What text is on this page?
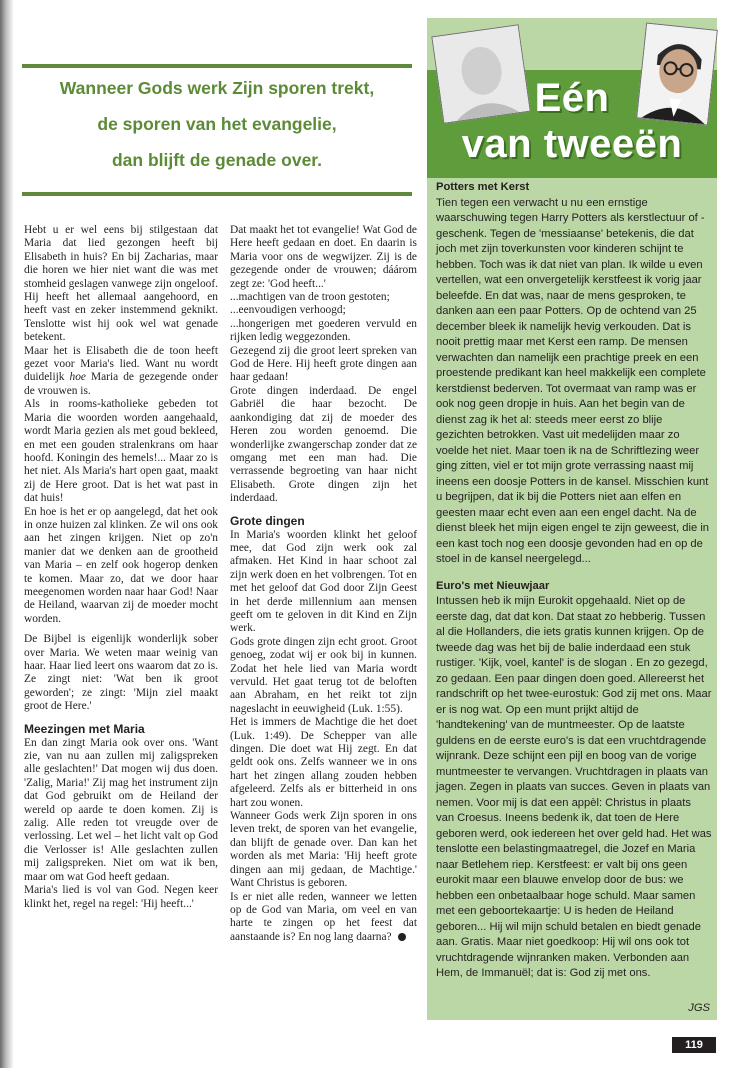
Wanneer Gods werk Zijn sporen trekt,
de sporen van het evangelie,
dan blijft de genade over.

Hebt u er wel eens bij stilgestaan dat Maria dat lied gezongen heeft bij Elisabeth in huis? En bij Zacharias, maar die horen we hier niet want die was met stomheid geslagen vanwege zijn ongeloof. Hij heeft het allemaal aangehoord, en heeft vast en zeker instemmend geknikt. Tenslotte wist hij ook wel wat genade betekent.

Maar het is Elisabeth die de toon heeft gezet voor Maria's lied. Want nu wordt duidelijk hoe Maria de gezegende onder de vrouwen is.

Als in rooms-katholieke gebeden tot Maria die woorden worden aangehaald, wordt Maria gezien als met goud bekleed, en met een gouden stralenkrans om haar hoofd. Koningin des hemels!... Maar zo is het niet. Als Maria's hart open gaat, maakt zij de Here groot. Dat is het wat past in dat huis!

En hoe is het er op aangelegd, dat het ook in onze huizen zal klinken. Ze wil ons ook aan het zingen krijgen. Niet op zo'n manier dat we denken aan de grootheid van Maria – en zelf ook hogerop denken te komen. Maar zo, dat we door haar meegenomen worden naar haar God! Naar de Heiland, waarvan zij de moeder mocht worden.

De Bijbel is eigenlijk wonderlijk sober over Maria. We weten maar weinig van haar. Haar lied leert ons waarom dat zo is. Ze zingt niet: 'Wat ben ik groot geworden'; ze zingt: 'Mijn ziel maakt groot de Here.'

Meezingen met Maria

En dan zingt Maria ook over ons. 'Want zie, van nu aan zullen mij zaligspreken alle geslachten!' Dat mogen wij dus doen. 'Zalig, Maria!' Zij mag het instrument zijn dat God gebruikt om de Heiland der wereld op aarde te doen komen. Zij is zalig. Alle reden tot vreugde over de verlossing. Let wel – het licht valt op God die Verlosser is! Alle geslachten zullen mij zaligspreken. Niet om wat ik ben, maar om wat God heeft gedaan.

Maria's lied is vol van God. Negen keer klinkt het, regel na regel: 'Hij heeft...'

Dat maakt het tot evangelie! Wat God de Here heeft gedaan en doet. En daarin is Maria voor ons de wegwijzer. Zij is de gezegende onder de vrouwen; dáárom zegt ze: 'God heeft...'

...machtigen van de troon gestoten;
...eenvoudigen verhoogd;
...hongerigen met goederen vervuld en rijken ledig weggezonden.

Gezegend zij die groot leert spreken van God de Here. Hij heeft grote dingen aan haar gedaan!

Grote dingen inderdaad. De engel Gabriël die haar bezocht. De aankondiging dat zij de moeder des Heren zou worden genoemd. Die wonderlijke zwangerschap zonder dat ze omgang met een man had. Die verrassende begroeting van haar nicht Elisabeth. Grote dingen zijn het inderdaad.

Grote dingen

In Maria's woorden klinkt het geloof mee, dat God zijn werk ook zal afmaken. Het Kind in haar schoot zal zijn werk doen en het volbrengen. Tot en met het geloof dat God door Zijn Geest in het derde millennium aan mensen geeft om te geloven in dit Kind en Zijn werk.

Gods grote dingen zijn echt groot. Groot genoeg, zodat wij er ook bij in kunnen. Zodat het hele lied van Maria wordt vervuld. Het gaat terug tot de beloften aan Abraham, en het reikt tot zijn nageslacht in eeuwigheid (Luk. 1:55).

Het is immers de Machtige die het doet (Luk. 1:49). De Schepper van alle dingen. Die doet wat Hij zegt. En dat geldt ook ons. Zelfs wanneer we in ons hart het zingen allang zouden hebben afgeleerd. Zelfs als er bitterheid in ons hart zou wonen.

Wanneer Gods werk Zijn sporen in ons leven trekt, de sporen van het evangelie, dan blijft de genade over. Dan kan het worden als met Maria: 'Hij heeft grote dingen aan mij gedaan, de Machtige.' Want Christus is geboren.

Is er niet alle reden, wanneer we letten op de God van Maria, om veel en van harte te zingen op het feest dat aanstaande is? En nog lang daarna?

Eén
van tweeën
Potters met Kerst

Tien tegen een verwacht u nu een ernstige waarschuwing tegen Harry Potters als kerstlectuur of -geschenk. Tegen de 'messiaanse' betekenis, die dat joch met zijn toverkunsten voor kinderen schijnt te hebben. Toch was ik dat niet van plan. Ik wilde u even vertellen, wat een onvergetelijk kerstfeest ik vorig jaar beleefde. En dat was, naar de mens gesproken, te danken aan een paar Potters. Op de ochtend van 25 december bleek ik namelijk hevig verkouden. Dat is nooit prettig maar met Kerst een ramp. De mensen verwachten dan namelijk een prachtige preek en een proestende predikant kan heel makkelijk een complete kerstdienst bederven. Tot overmaat van ramp was er ook nog geen dropje in huis. Aan het begin van de dienst zag ik het al: steeds meer eerst zo blije gezichten betrokken. Vast uit medelijden maar zo voelde het niet. Maar toen ik na de Schriftlezing weer ging zitten, viel er tot mijn grote verrassing naast mij ineens een doosje Potters in de kansel. Misschien kunt u begrijpen, dat ik bij die Potters niet aan elfen en geesten maar echt even aan een engel dacht. Na de dienst bleek het mijn eigen engel te zijn geweest, die in een kast toch nog een doosje gevonden had en op de stoel in de kansel neergelegd...

Euro's met Nieuwjaar

Intussen heb ik mijn Eurokit opgehaald. Niet op de eerste dag, dat dat kon. Dat staat zo hebberig. Tussen al die Hollanders, die iets gratis kunnen krijgen. Op de tweede dag was het bij de balie inderdaad een stuk rustiger. 'Kijk, voel, kantel' is de slogan . En zo gezegd, zo gedaan. Een paar dingen doen goed. Allereerst het randschrift op het twee-eurostuk: God zij met ons. Maar er is nog wat. Op een munt prijkt altijd de 'handtekening' van de muntmeester. Op de laatste guldens en de eerste euro's is dat een vruchtdragende wijnrank. Deze schijnt een pijl en boog van de vorige muntmeester te vervangen. Vruchtdragen in plaats van jagen. Zegen in plaats van succes. Geven in plaats van nemen. Voor mij is dat een appèl: Christus in plaats van Croesus. Ineens bedenk ik, dat toen de Here geboren werd, ook iedereen het over geld had. Het was tenslotte een belastingmaatregel, die Jozef en Maria naar Betlehem riep. Kerstfeest: er valt bij ons geen eurokit maar een blauwe envelop door de bus: we hebben een onbetaalbaar hoge schuld. Maar samen met een geboortekaartje: U is heden de Heiland geboren... Hij wil mijn schuld betalen en biedt genade aan. Gratis. Maar niet goedkoop: Hij wil ons ook tot vruchtdragende wijnranken maken. Verbonden aan Hem, de Immanuël; dat is: God zij met ons.

JGS
119
